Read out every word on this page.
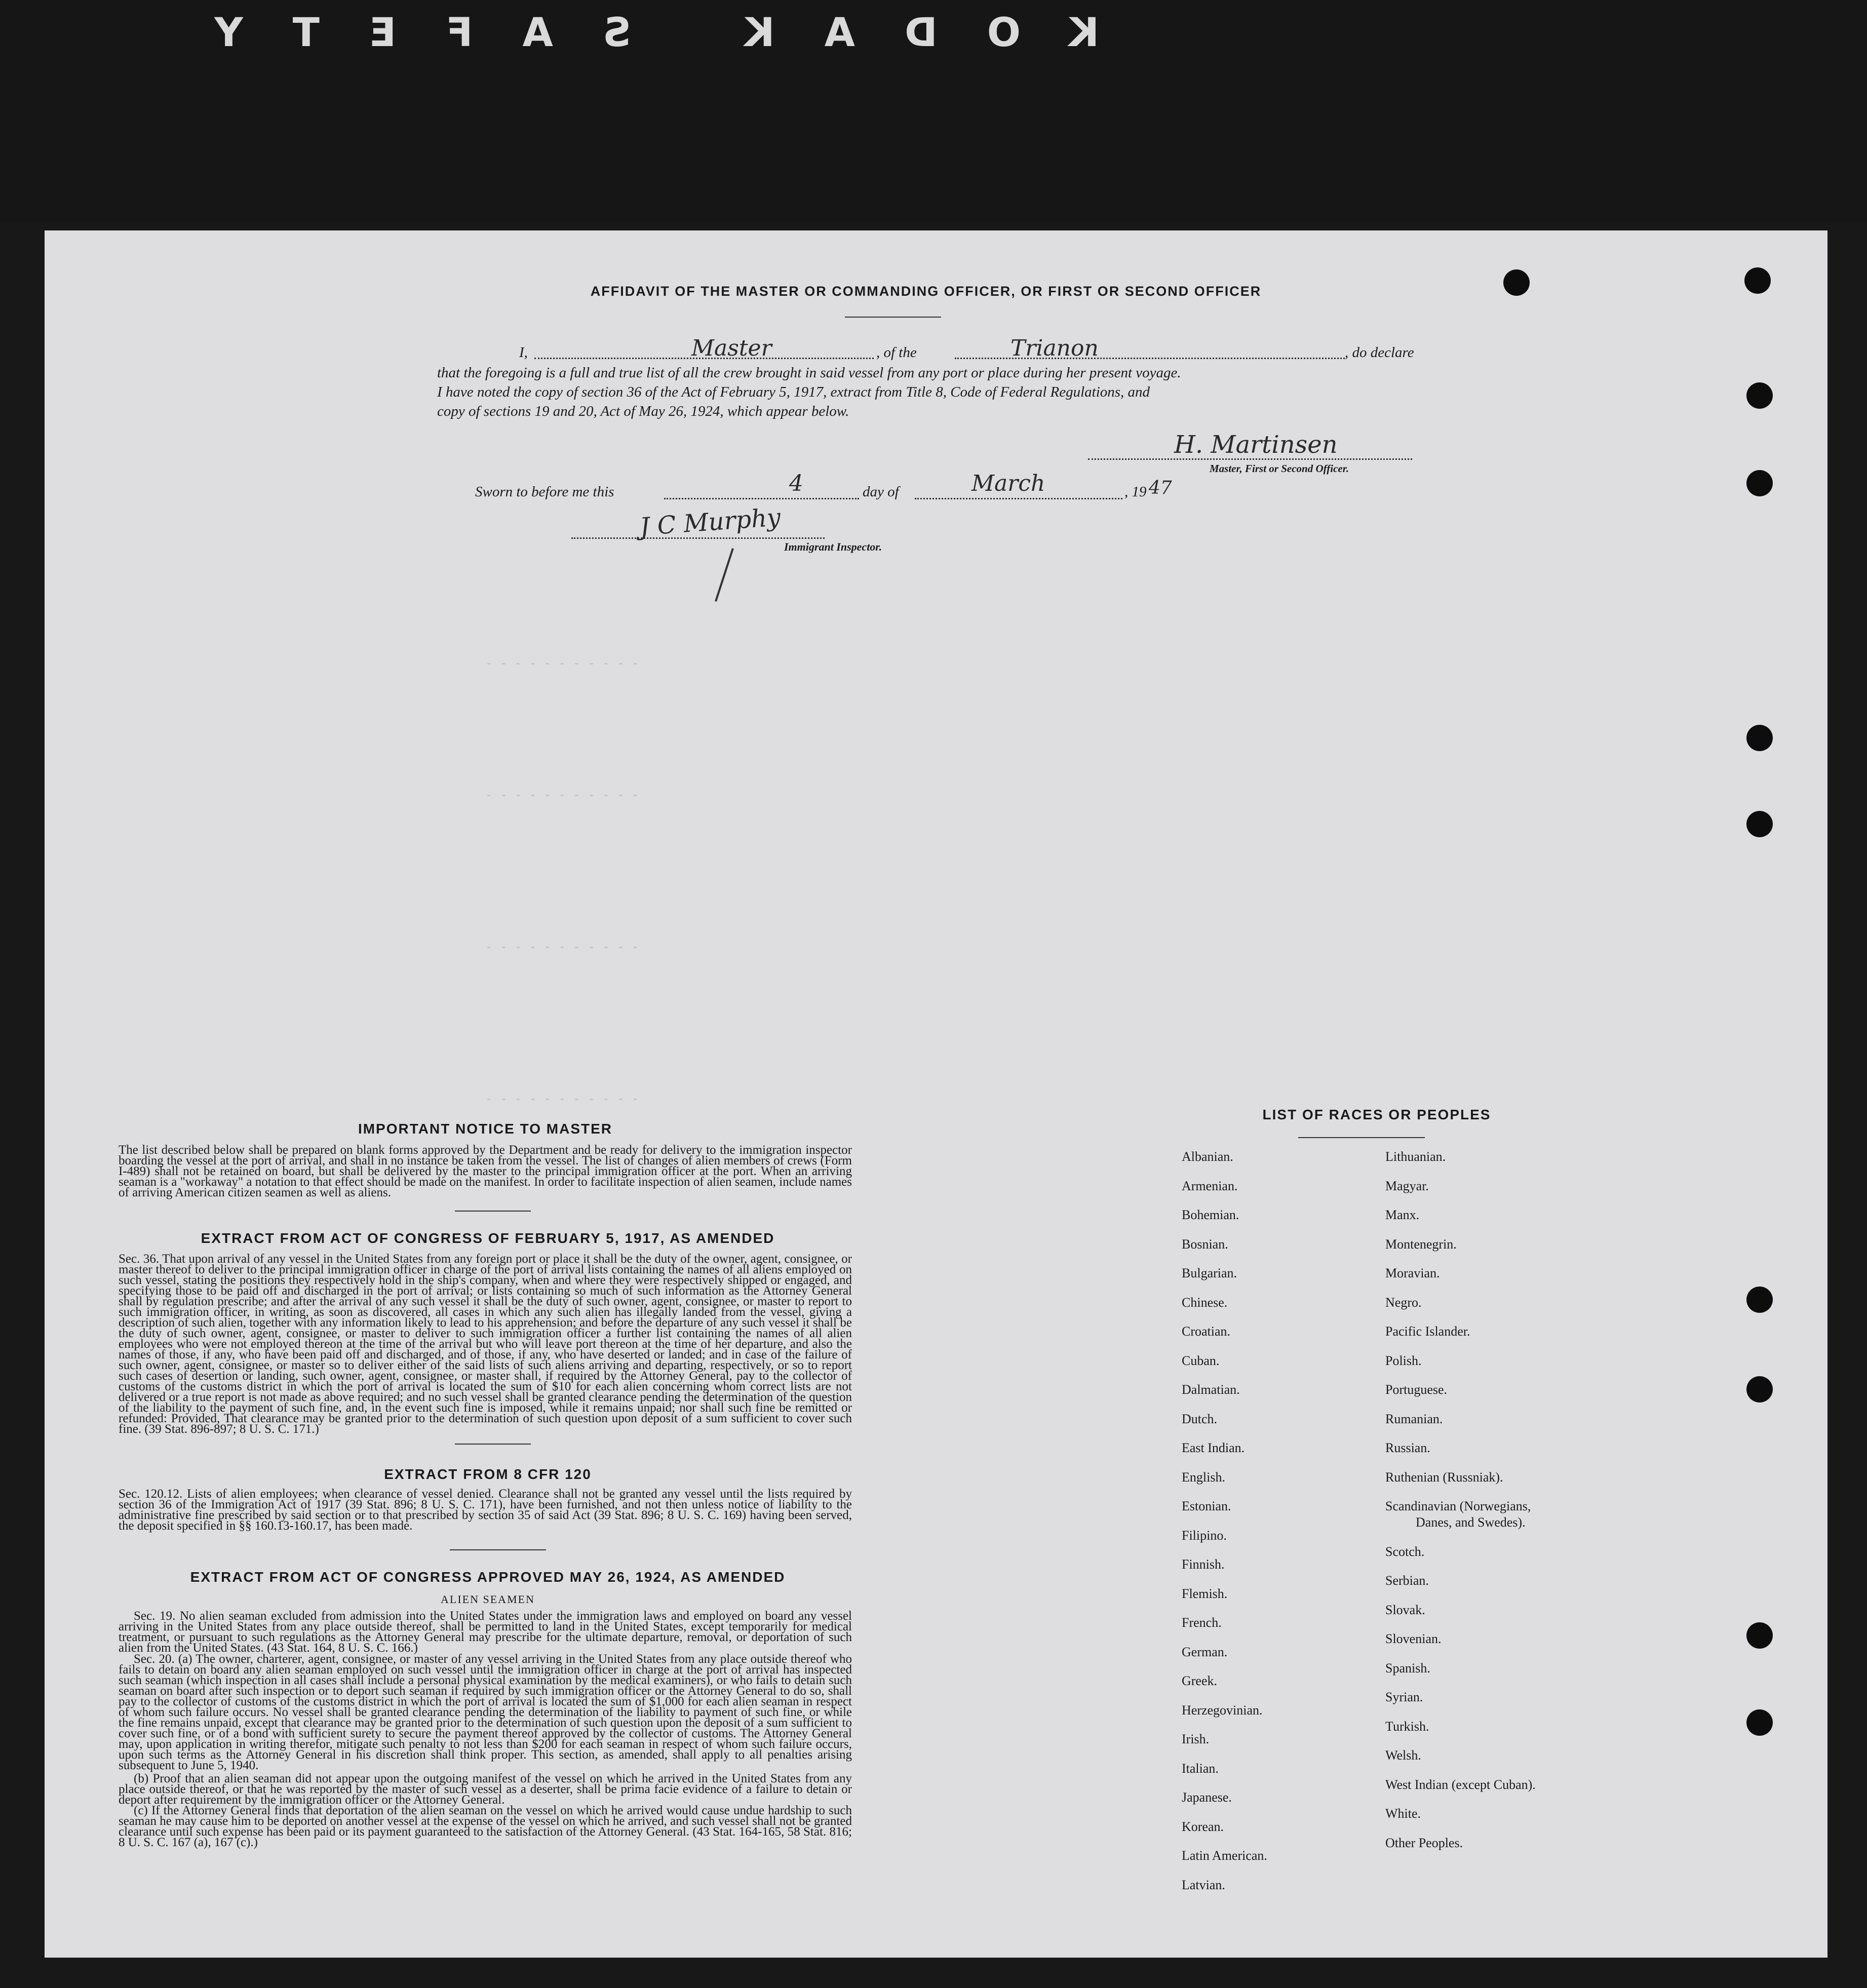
KODAK SAFETY
- - - - - - - - - - -
- - - - - - - - - - -
- - - - - - - - - - -
- - - - - - - - - - -
AFFIDAVIT OF THE MASTER OR COMMANDING OFFICER, OR FIRST OR SECOND OFFICER
I,	Master	, of the	Trianon	, do declare
that the foregoing is a full and true list of all the crew brought in said vessel from any port or place during her present voyage.
I have noted the copy of section 36 of the Act of February 5, 1917, extract from Title 8, Code of Federal Regulations, and
copy of sections 19 and 20, Act of May 26, 1924, which appear below.
H. Martinsen
Master, First or Second Officer.
Sworn to before me this	4	day of	March	, 19 47
J C Murphy
Immigrant Inspector.
IMPORTANT NOTICE TO MASTER
The list described below shall be prepared on blank forms approved by the Department and be ready for delivery to the immigration inspector boarding the vessel at the port of arrival, and shall in no instance be taken from the vessel. The list of changes of alien members of crews (Form I-489) shall not be retained on board, but shall be delivered by the master to the principal immigration officer at the port. When an arriving seaman is a "workaway" a notation to that effect should be made on the manifest. In order to facilitate inspection of alien seamen, include names of arriving American citizen seamen as well as aliens.
EXTRACT FROM ACT OF CONGRESS OF FEBRUARY 5, 1917, AS AMENDED
Sec. 36. That upon arrival of any vessel in the United States from any foreign port or place it shall be the duty of the owner, agent, consignee, or master thereof to deliver to the principal immigration officer in charge of the port of arrival lists containing the names of all aliens employed on such vessel, stating the positions they respectively hold in the ship's company, when and where they were respectively shipped or engaged, and specifying those to be paid off and discharged in the port of arrival; or lists containing so much of such information as the Attorney General shall by regulation prescribe; and after the arrival of any such vessel it shall be the duty of such owner, agent, consignee, or master to report to such immigration officer, in writing, as soon as discovered, all cases in which any such alien has illegally landed from the vessel, giving a description of such alien, together with any information likely to lead to his apprehension; and before the departure of any such vessel it shall be the duty of such owner, agent, consignee, or master to deliver to such immigration officer a further list containing the names of all alien employees who were not employed thereon at the time of the arrival but who will leave port thereon at the time of her departure, and also the names of those, if any, who have been paid off and discharged, and of those, if any, who have deserted or landed; and in case of the failure of such owner, agent, consignee, or master so to deliver either of the said lists of such aliens arriving and departing, respectively, or so to report such cases of desertion or landing, such owner, agent, consignee, or master shall, if required by the Attorney General, pay to the collector of customs of the customs district in which the port of arrival is located the sum of $10 for each alien concerning whom correct lists are not delivered or a true report is not made as above required; and no such vessel shall be granted clearance pending the determination of the question of the liability to the payment of such fine, and, in the event such fine is imposed, while it remains unpaid; nor shall such fine be remitted or refunded: Provided, That clearance may be granted prior to the determination of such question upon deposit of a sum sufficient to cover such fine. (39 Stat. 896-897; 8 U. S. C. 171.)
EXTRACT FROM 8 CFR 120
Sec. 120.12. Lists of alien employees; when clearance of vessel denied. Clearance shall not be granted any vessel until the lists required by section 36 of the Immigration Act of 1917 (39 Stat. 896; 8 U. S. C. 171), have been furnished, and not then unless notice of liability to the administrative fine prescribed by said section or to that prescribed by section 35 of said Act (39 Stat. 896; 8 U. S. C. 169) having been served, the deposit specified in §§ 160.13-160.17, has been made.
EXTRACT FROM ACT OF CONGRESS APPROVED MAY 26, 1924, AS AMENDED
ALIEN SEAMEN
Sec. 19. No alien seaman excluded from admission into the United States under the immigration laws and employed on board any vessel arriving in the United States from any place outside thereof, shall be permitted to land in the United States, except temporarily for medical treatment, or pursuant to such regulations as the Attorney General may prescribe for the ultimate departure, removal, or deportation of such alien from the United States. (43 Stat. 164, 8 U. S. C. 166.)
Sec. 20. (a) The owner, charterer, agent, consignee, or master of any vessel arriving in the United States from any place outside thereof who fails to detain on board any alien seaman employed on such vessel until the immigration officer in charge at the port of arrival has inspected such seaman (which inspection in all cases shall include a personal physical examination by the medical examiners), or who fails to detain such seaman on board after such inspection or to deport such seaman if required by such immigration officer or the Attorney General to do so, shall pay to the collector of customs of the customs district in which the port of arrival is located the sum of $1,000 for each alien seaman in respect of whom such failure occurs. No vessel shall be granted clearance pending the determination of the liability to payment of such fine, or while the fine remains unpaid, except that clearance may be granted prior to the determination of such question upon the deposit of a sum sufficient to cover such fine, or of a bond with sufficient surety to secure the payment thereof approved by the collector of customs. The Attorney General may, upon application in writing therefor, mitigate such penalty to not less than $200 for each seaman in respect of whom such failure occurs, upon such terms as the Attorney General in his discretion shall think proper. This section, as amended, shall apply to all penalties arising subsequent to June 5, 1940.
(b) Proof that an alien seaman did not appear upon the outgoing manifest of the vessel on which he arrived in the United States from any place outside thereof, or that he was reported by the master of such vessel as a deserter, shall be prima facie evidence of a failure to detain or deport after requirement by the immigration officer or the Attorney General.
(c) If the Attorney General finds that deportation of the alien seaman on the vessel on which he arrived would cause undue hardship to such seaman he may cause him to be deported on another vessel at the expense of the vessel on which he arrived, and such vessel shall not be granted clearance until such expense has been paid or its payment guaranteed to the satisfaction of the Attorney General. (43 Stat. 164-165, 58 Stat. 816; 8 U. S. C. 167 (a), 167 (c).)
LIST OF RACES OR PEOPLES
Albanian.
Armenian.
Bohemian.
Bosnian.
Bulgarian.
Chinese.
Croatian.
Cuban.
Dalmatian.
Dutch.
East Indian.
English.
Estonian.
Filipino.
Finnish.
Flemish.
French.
German.
Greek.
Herzegovinian.
Irish.
Italian.
Japanese.
Korean.
Latin American.
Latvian.
Lithuanian.
Magyar.
Manx.
Montenegrin.
Moravian.
Negro.
Pacific Islander.
Polish.
Portuguese.
Rumanian.
Russian.
Ruthenian (Russniak).
Scandinavian (Norwegians,
Danes, and Swedes).
Scotch.
Serbian.
Slovak.
Slovenian.
Spanish.
Syrian.
Turkish.
Welsh.
West Indian (except Cuban).
White.
Other Peoples.
